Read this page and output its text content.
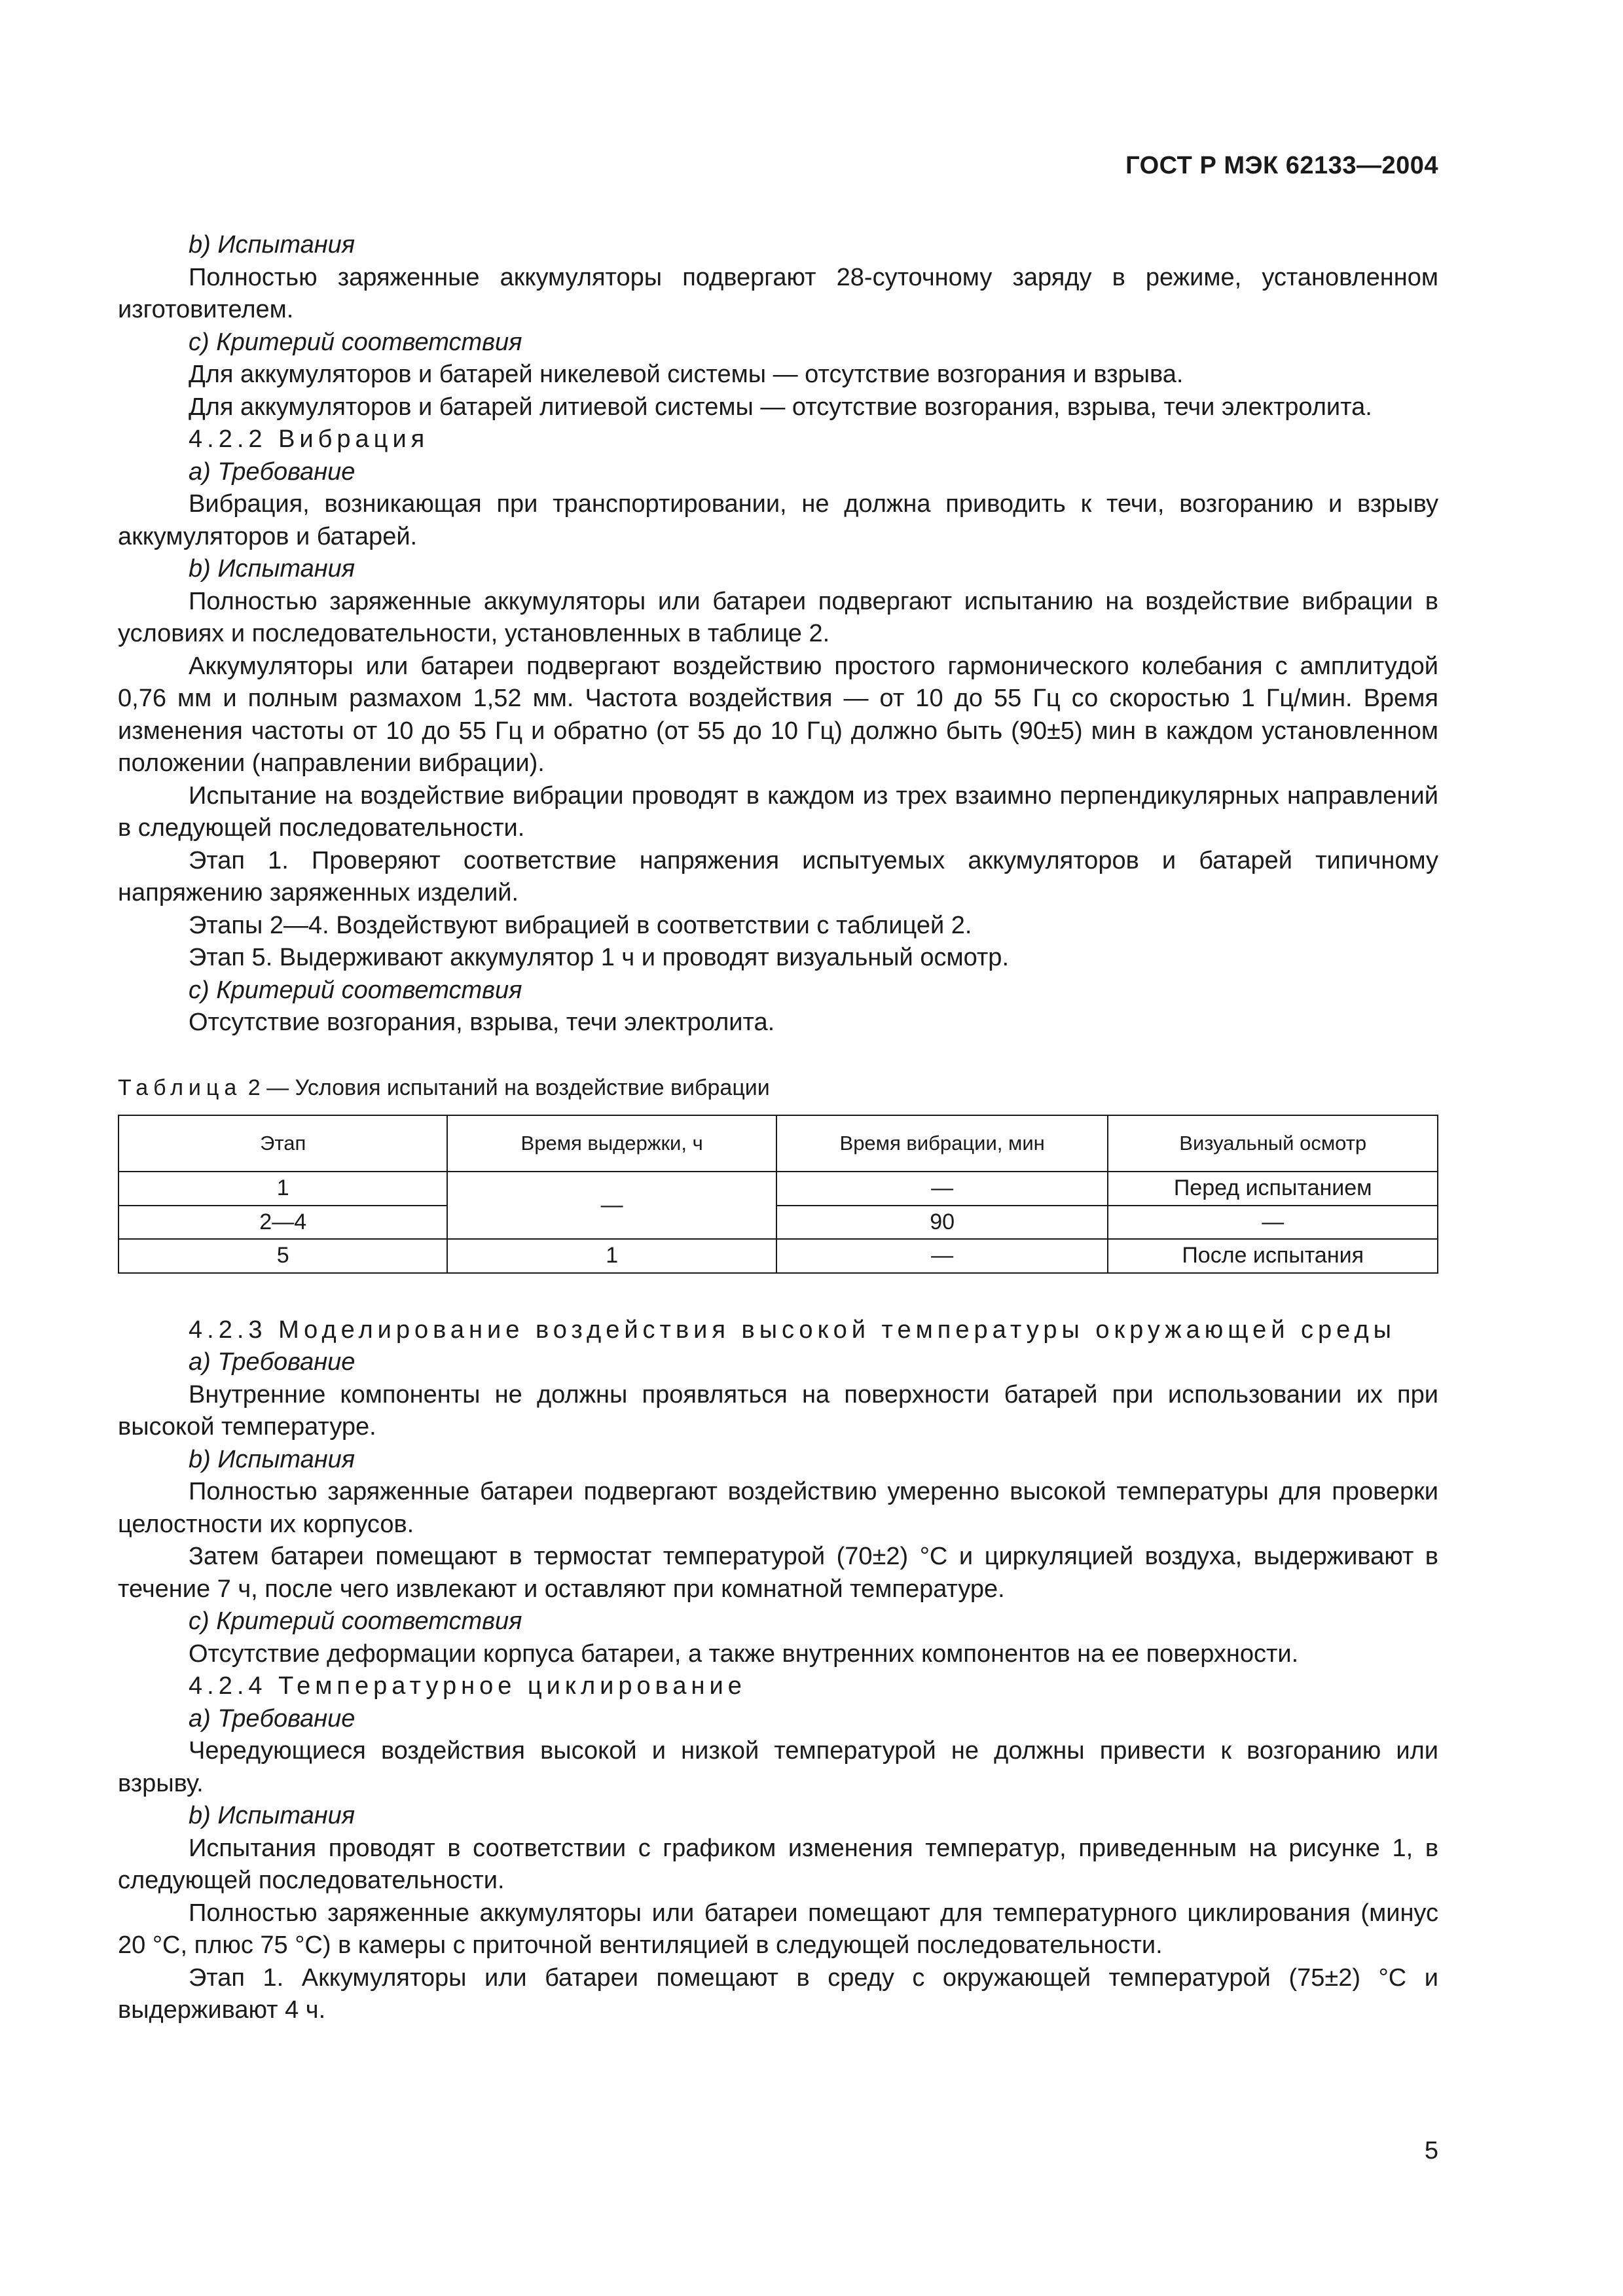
ГОСТ Р МЭК 62133—2004

b) Испытания

Полностью заряженные аккумуляторы подвергают 28-суточному заряду в режиме, установленном изготовителем.

c) Критерий соответствия

Для аккумуляторов и батарей никелевой системы — отсутствие возгорания и взрыва.

Для аккумуляторов и батарей литиевой системы — отсутствие возгорания, взрыва, течи электролита.

4.2.2 Вибрация

a) Требование

Вибрация, возникающая при транспортировании, не должна приводить к течи, возгоранию и взрыву аккумуляторов и батарей.

b) Испытания

Полностью заряженные аккумуляторы или батареи подвергают испытанию на воздействие вибрации в условиях и последовательности, установленных в таблице 2.

Аккумуляторы или батареи подвергают воздействию простого гармонического колебания с амплитудой 0,76 мм и полным размахом 1,52 мм. Частота воздействия — от 10 до 55 Гц со скоростью 1 Гц/мин. Время изменения частоты от 10 до 55 Гц и обратно (от 55 до 10 Гц) должно быть (90±5) мин в каждом установленном положении (направлении вибрации).

Испытание на воздействие вибрации проводят в каждом из трех взаимно перпендикулярных направлений в следующей последовательности.

Этап 1. Проверяют соответствие напряжения испытуемых аккумуляторов и батарей типичному напряжению заряженных изделий.

Этапы 2—4. Воздействуют вибрацией в соответствии с таблицей 2.

Этап 5. Выдерживают аккумулятор 1 ч и проводят визуальный осмотр.

c) Критерий соответствия

Отсутствие возгорания, взрыва, течи электролита.

Таблица 2 — Условия испытаний на воздействие вибрации
Этап	Время выдержки, ч	Время вибрации, мин	Визуальный осмотр
1	—	—	Перед испытанием
2—4		90	—
5	1	—	После испытания

4.2.3 Моделирование воздействия высокой температуры окружающей среды

a) Требование

Внутренние компоненты не должны проявляться на поверхности батарей при использовании их при высокой температуре.

b) Испытания

Полностью заряженные батареи подвергают воздействию умеренно высокой температуры для проверки целостности их корпусов.

Затем батареи помещают в термостат температурой (70±2) °С и циркуляцией воздуха, выдерживают в течение 7 ч, после чего извлекают и оставляют при комнатной температуре.

c) Критерий соответствия

Отсутствие деформации корпуса батареи, а также внутренних компонентов на ее поверхности.

4.2.4 Температурное циклирование

a) Требование

Чередующиеся воздействия высокой и низкой температурой не должны привести к возгоранию или взрыву.

b) Испытания

Испытания проводят в соответствии с графиком изменения температур, приведенным на рисунке 1, в следующей последовательности.

Полностью заряженные аккумуляторы или батареи помещают для температурного циклирования (минус 20 °С, плюс 75 °С) в камеры с приточной вентиляцией в следующей последовательности.

Этап 1. Аккумуляторы или батареи помещают в среду с окружающей температурой (75±2) °С и выдерживают 4 ч.

5
